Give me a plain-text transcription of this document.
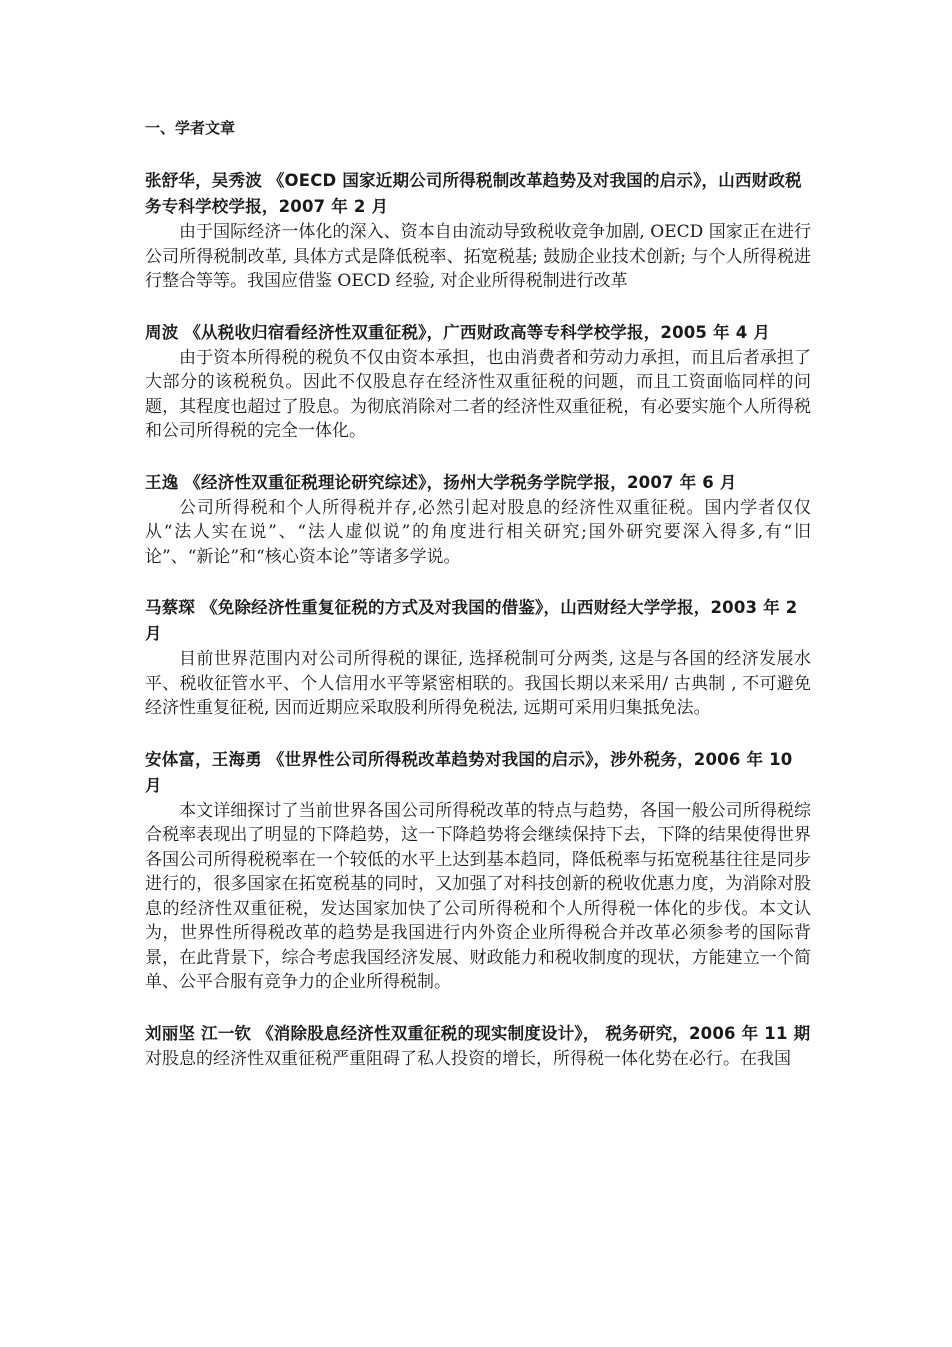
一、学者文章

张舒华，吴秀波 《OECD 国家近期公司所得税制改革趋势及对我国的启示》，山西财政税务专科学校学报，2007 年 2 月

由于国际经济一体化的深入、资本自由流动导致税收竞争加剧, OECD 国家正在进行公司所得税制改革, 具体方式是降低税率、拓宽税基; 鼓励企业技术创新; 与个人所得税进行整合等等。我国应借鉴 OECD 经验, 对企业所得税制进行改革

周波 《从税收归宿看经济性双重征税》，广西财政高等专科学校学报，2005 年 4 月

由于资本所得税的税负不仅由资本承担，也由消费者和劳动力承担，而且后者承担了大部分的该税税负。因此不仅股息存在经济性双重征税的问题，而且工资面临同样的问题，其程度也超过了股息。为彻底消除对二者的经济性双重征税，有必要实施个人所得税和公司所得税的完全一体化。

王逸 《经济性双重征税理论研究综述》，扬州大学税务学院学报，2007 年 6 月

公司所得税和个人所得税并存,必然引起对股息的经济性双重征税。国内学者仅仅从“法人实在说”、“法人虚似说”的角度进行相关研究;国外研究要深入得多,有“旧论”、“新论”和“核心资本论”等诸多学说。

马蔡琛 《免除经济性重复征税的方式及对我国的借鉴》，山西财经大学学报，2003 年 2 月

目前世界范围内对公司所得税的课征, 选择税制可分两类, 这是与各国的经济发展水平、税收征管水平、个人信用水平等紧密相联的。我国长期以来采用/ 古典制 , 不可避免经济性重复征税, 因而近期应采取股利所得免税法, 远期可采用归集抵免法。

安体富，王海勇 《世界性公司所得税改革趋势对我国的启示》，涉外税务，2006 年 10 月

本文详细探讨了当前世界各国公司所得税改革的特点与趋势，各国一般公司所得税综合税率表现出了明显的下降趋势，这一下降趋势将会继续保持下去，下降的结果使得世界各国公司所得税税率在一个较低的水平上达到基本趋同，降低税率与拓宽税基往往是同步进行的，很多国家在拓宽税基的同时，又加强了对科技创新的税收优惠力度，为消除对股息的经济性双重征税，发达国家加快了公司所得税和个人所得税一体化的步伐。本文认为，世界性所得税改革的趋势是我国进行内外资企业所得税合并改革必须参考的国际背景，在此背景下，综合考虑我国经济发展、财政能力和税收制度的现状，方能建立一个简单、公平合服有竞争力的企业所得税制。

刘丽坚 江一钦 《消除股息经济性双重征税的现实制度设计》， 税务研究，2006 年 11 期

对股息的经济性双重征税严重阻碍了私人投资的增长，所得税一体化势在必行。在我国
